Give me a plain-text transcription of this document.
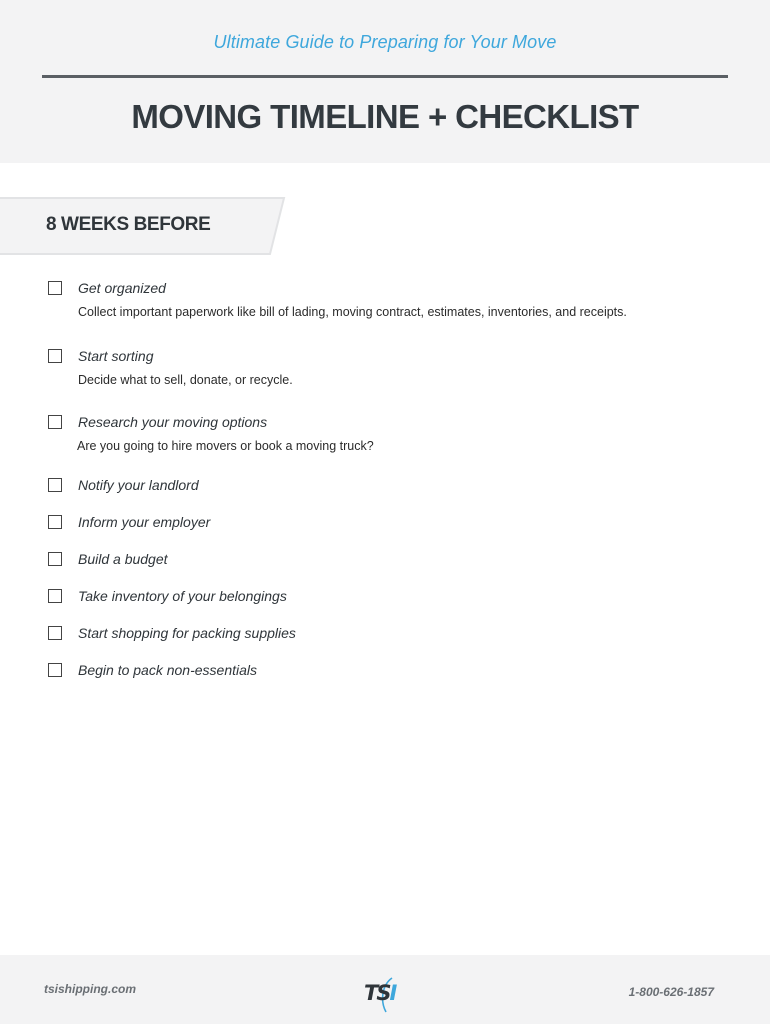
Ultimate Guide to Preparing for Your Move
MOVING TIMELINE + CHECKLIST
8 WEEKS BEFORE
Get organized
Collect important paperwork like bill of lading, moving contract, estimates, inventories, and receipts.
Start sorting
Decide what to sell, donate, or recycle.
Research your moving options
Are you going to hire movers or book a moving truck?
Notify your landlord
Inform your employer
Build a budget
Take inventory of your belongings
Start shopping for packing supplies
Begin to pack non-essentials
tsishipping.com	TSI	1-800-626-1857
